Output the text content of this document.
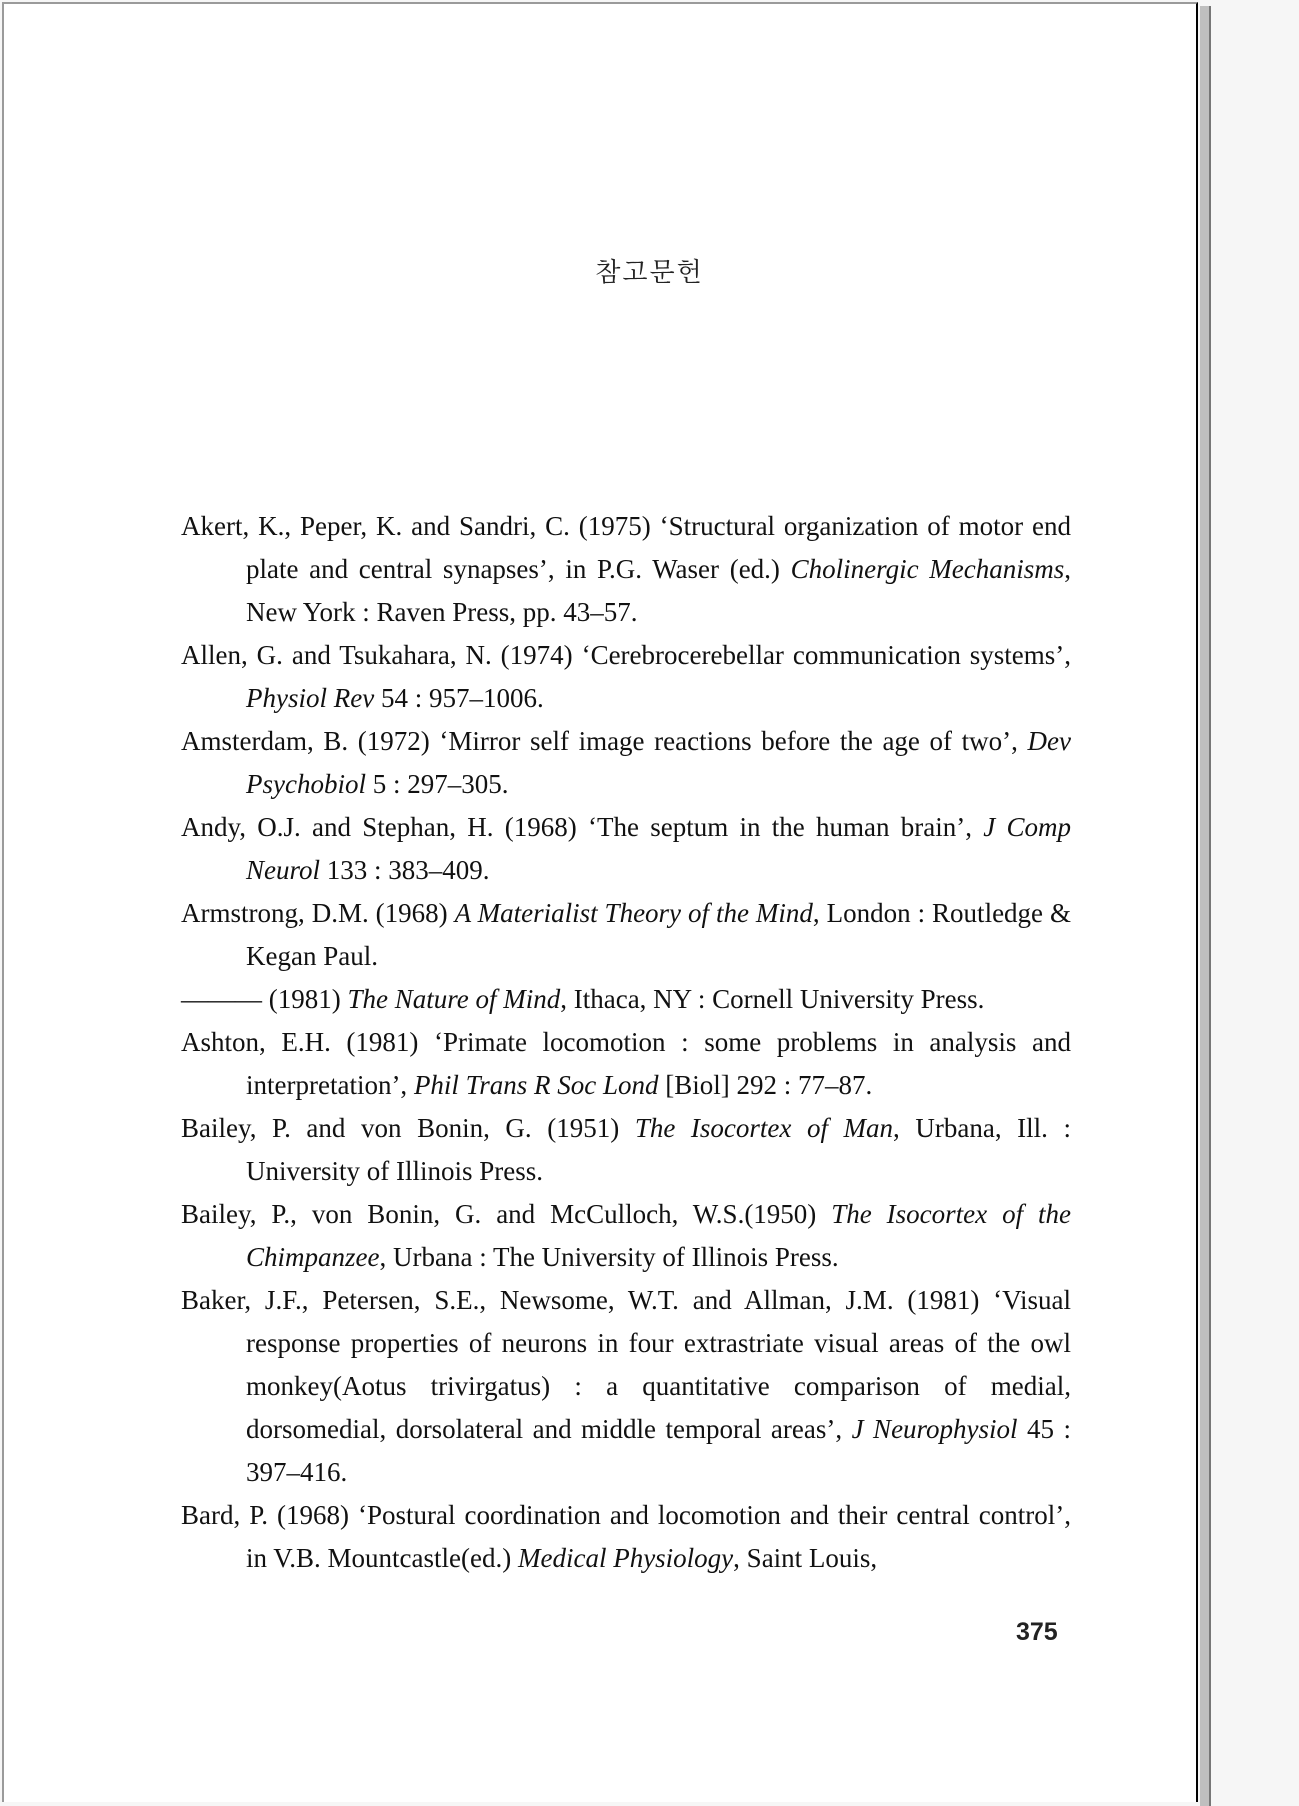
참고문헌

Akert, K., Peper, K. and Sandri, C. (1975) ‘Structural organization of motor end plate and central synapses’, in P.G. Waser (ed.) Cholinergic Mechanisms, New York : Raven Press, pp. 43–57.

Allen, G. and Tsukahara, N. (1974) ‘Cerebrocerebellar communication systems’, Physiol Rev 54 : 957–1006.

Amsterdam, B. (1972) ‘Mirror self image reactions before the age of two’, Dev Psychobiol 5 : 297–305.

Andy, O.J. and Stephan, H. (1968) ‘The septum in the human brain’, J Comp Neurol 133 : 383–409.

Armstrong, D.M. (1968) A Materialist Theory of the Mind, London : Routledge & Kegan Paul.

——— (1981) The Nature of Mind, Ithaca, NY : Cornell University Press.

Ashton, E.H. (1981) ‘Primate locomotion : some problems in analysis and interpretation’, Phil Trans R Soc Lond [Biol] 292 : 77–87.

Bailey, P. and von Bonin, G. (1951) The Isocortex of Man, Urbana, Ill. : University of Illinois Press.

Bailey, P., von Bonin, G. and McCulloch, W.S.(1950) The Isocortex of the Chimpanzee, Urbana : The University of Illinois Press.

Baker, J.F., Petersen, S.E., Newsome, W.T. and Allman, J.M. (1981) ‘Visual response properties of neurons in four extrastriate visual areas of the owl monkey(Aotus trivirgatus) : a quantitative comparison of medial, dorsomedial, dorsolateral and middle temporal areas’, J Neurophysiol 45 : 397–416.

Bard, P. (1968) ‘Postural coordination and locomotion and their central control’, in V.B. Mountcastle(ed.) Medical Physiology, Saint Louis,

375
